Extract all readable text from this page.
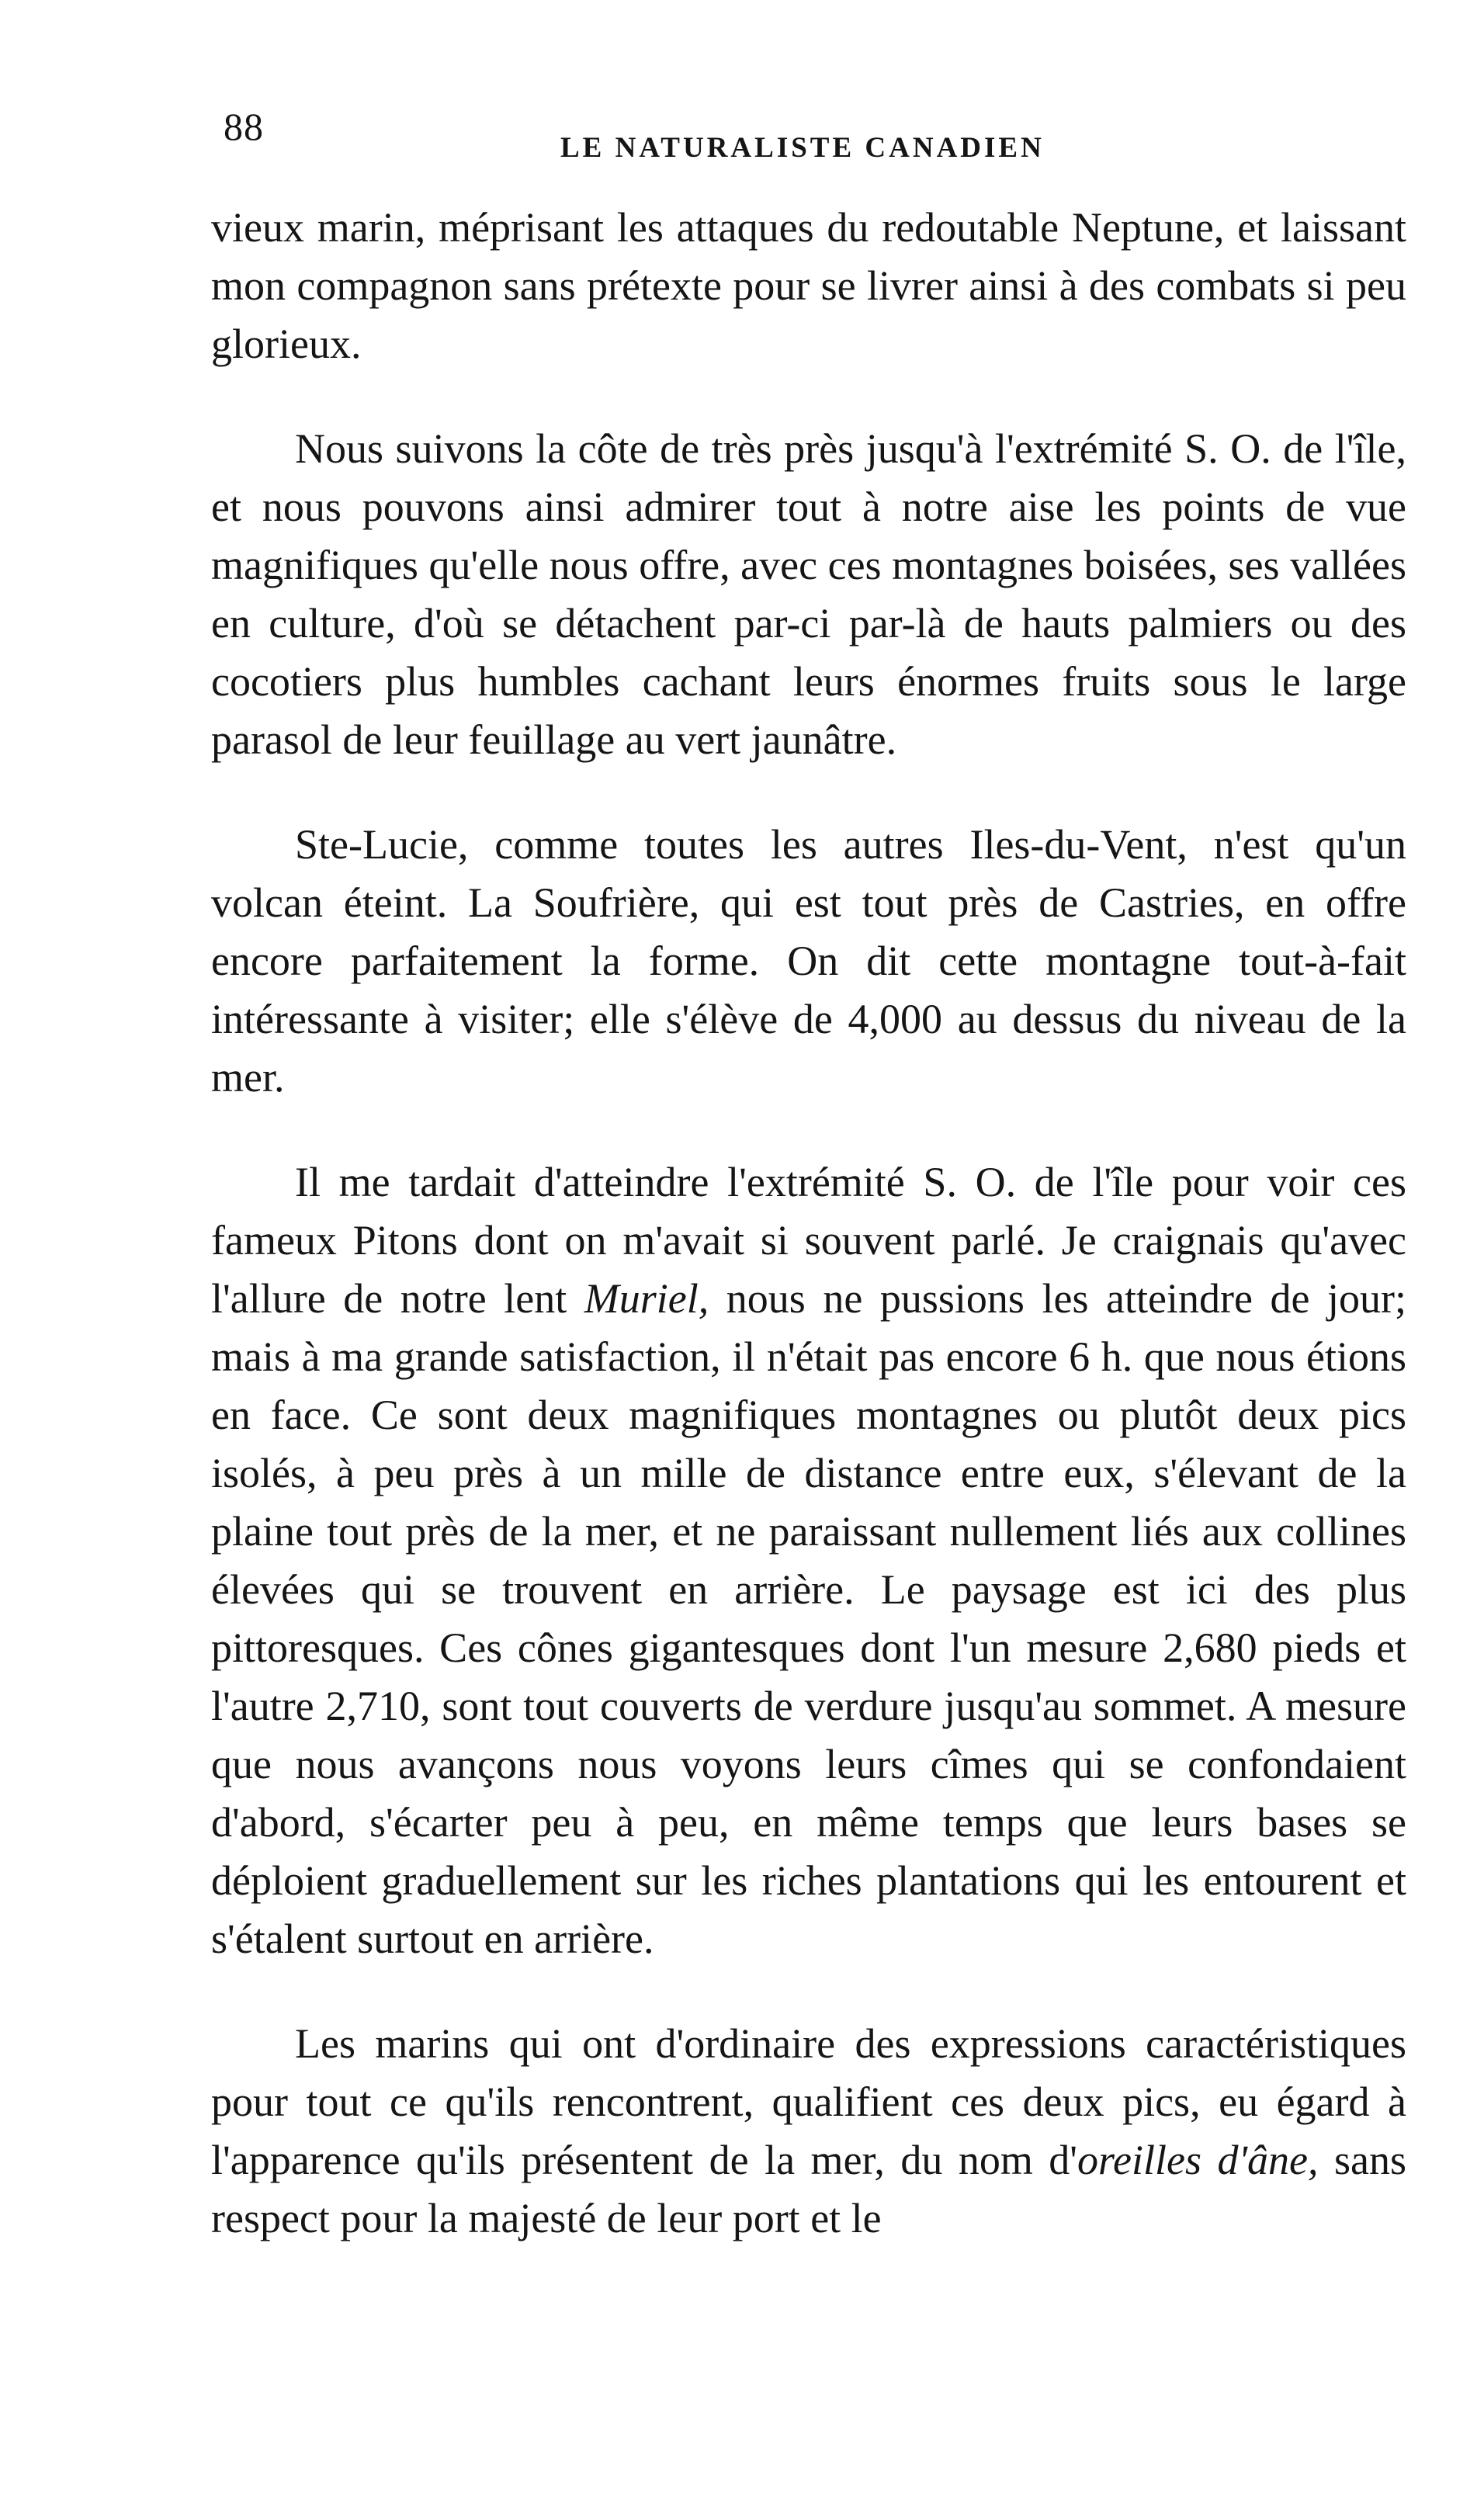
88	LE NATURALISTE CANADIEN

vieux marin, méprisant les attaques du redoutable Neptune, et laissant mon compagnon sans prétexte pour se livrer ainsi à des combats si peu glorieux.

Nous suivons la côte de très près jusqu'à l'extrémité S. O. de l'île, et nous pouvons ainsi admirer tout à notre aise les points de vue magnifiques qu'elle nous offre, avec ces montagnes boisées, ses vallées en culture, d'où se détachent par-ci par-là de hauts palmiers ou des cocotiers plus humbles cachant leurs énormes fruits sous le large parasol de leur feuillage au vert jaunâtre.

Ste-Lucie, comme toutes les autres Iles-du-Vent, n'est qu'un volcan éteint. La Soufrière, qui est tout près de Castries, en offre encore parfaitement la forme. On dit cette montagne tout-à-fait intéressante à visiter; elle s'élève de 4,000 au dessus du niveau de la mer.

Il me tardait d'atteindre l'extrémité S. O. de l'île pour voir ces fameux Pitons dont on m'avait si souvent parlé. Je craignais qu'avec l'allure de notre lent Muriel, nous ne pussions les atteindre de jour; mais à ma grande satisfaction, il n'était pas encore 6 h. que nous étions en face. Ce sont deux magnifiques montagnes ou plutôt deux pics isolés, à peu près à un mille de distance entre eux, s'élevant de la plaine tout près de la mer, et ne paraissant nullement liés aux collines élevées qui se trouvent en arrière. Le paysage est ici des plus pittoresques. Ces cônes gigantesques dont l'un mesure 2,680 pieds et l'autre 2,710, sont tout couverts de verdure jusqu'au sommet. A mesure que nous avançons nous voyons leurs cîmes qui se confondaient d'abord, s'écarter peu à peu, en même temps que leurs bases se déploient graduellement sur les riches plantations qui les entourent et s'étalent surtout en arrière.

Les marins qui ont d'ordinaire des expressions caractéristiques pour tout ce qu'ils rencontrent, qualifient ces deux pics, eu égard à l'apparence qu'ils présentent de la mer, du nom d'oreilles d'âne, sans respect pour la majesté de leur port et le
